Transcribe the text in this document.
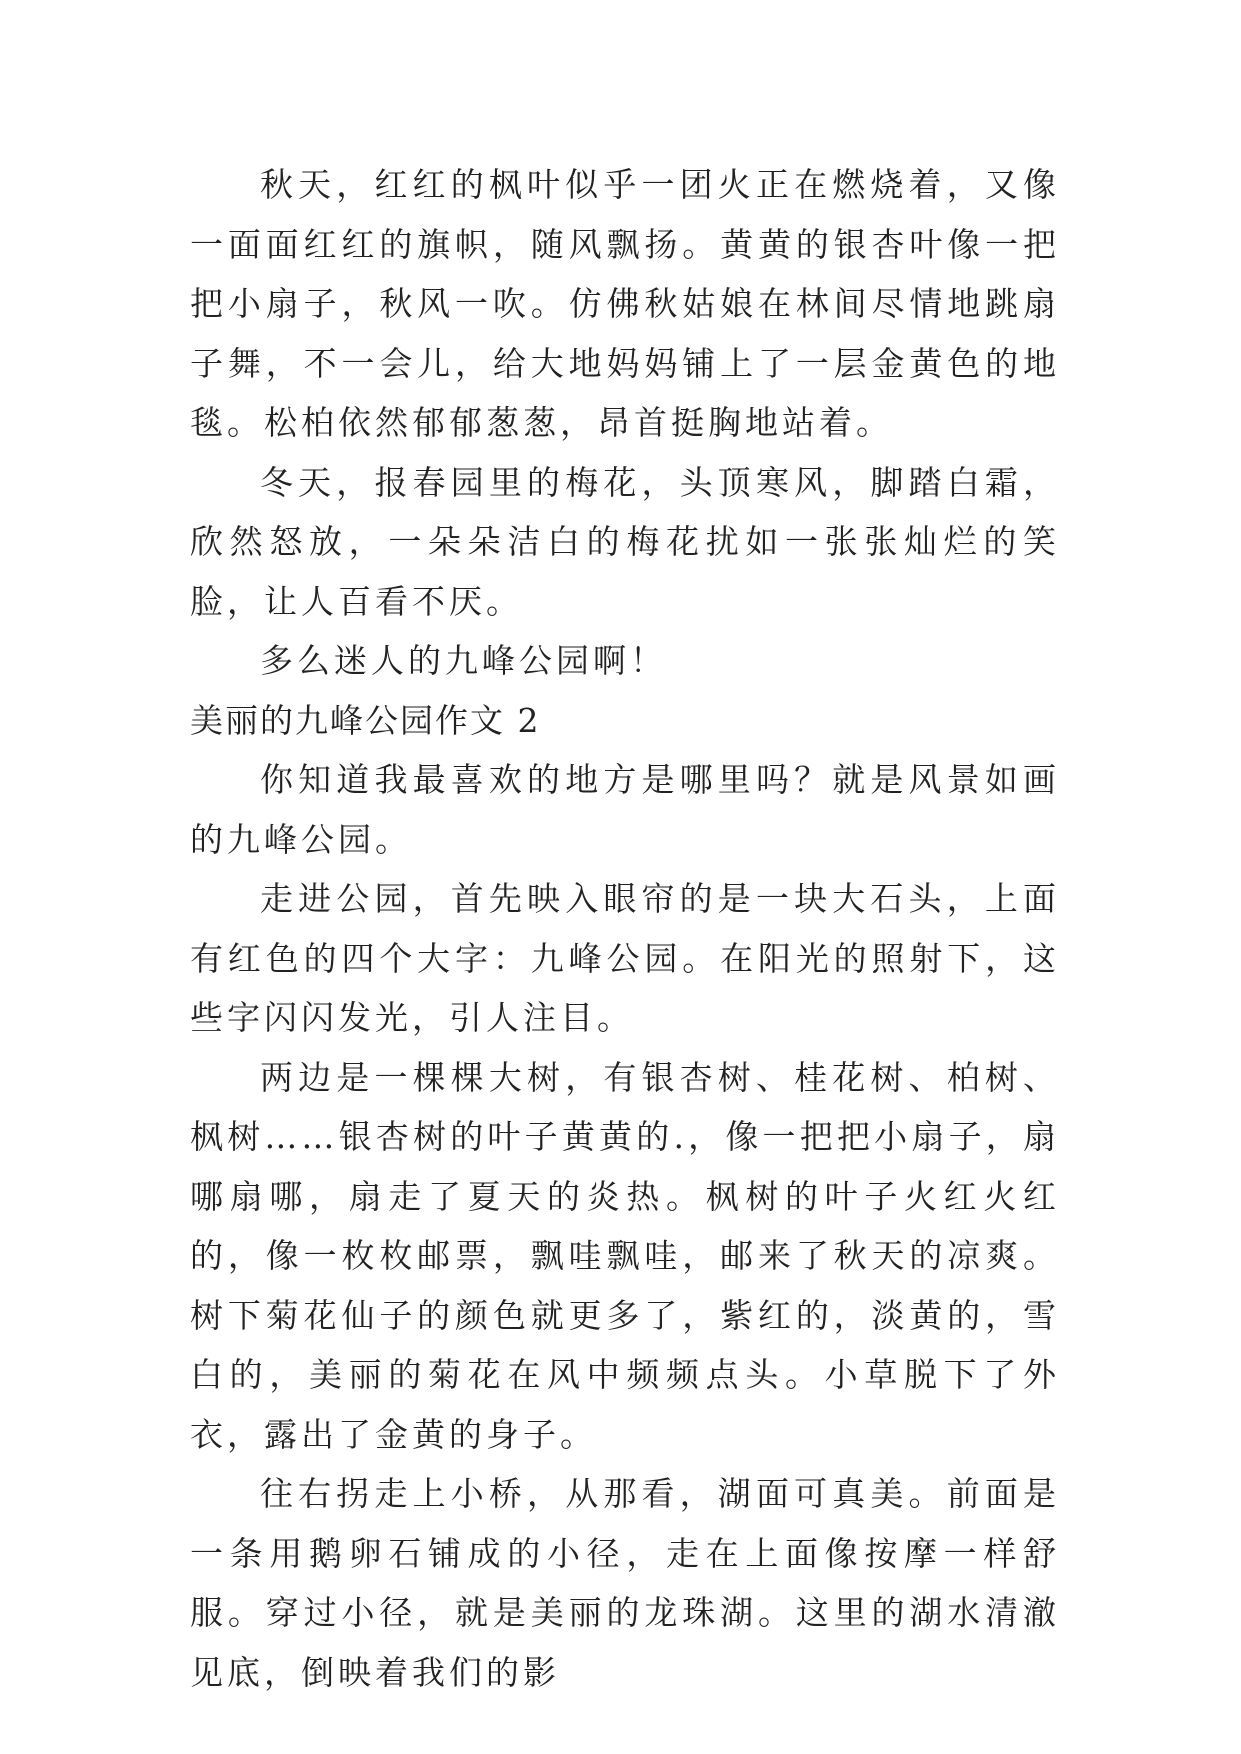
秋天，红红的枫叶似乎一团火正在燃烧着，又像一面面红红的旗帜，随风飘扬。黄黄的银杏叶像一把把小扇子，秋风一吹。仿佛秋姑娘在林间尽情地跳扇子舞，不一会儿，给大地妈妈铺上了一层金黄色的地毯。松柏依然郁郁葱葱，昂首挺胸地站着。

冬天，报春园里的梅花，头顶寒风，脚踏白霜，欣然怒放，一朵朵洁白的梅花扰如一张张灿烂的笑脸，让人百看不厌。

多么迷人的九峰公园啊！

美丽的九峰公园作文 2

你知道我最喜欢的地方是哪里吗？就是风景如画的九峰公园。

走进公园，首先映入眼帘的是一块大石头，上面有红色的四个大字：九峰公园。在阳光的照射下，这些字闪闪发光，引人注目。

两边是一棵棵大树，有银杏树、桂花树、柏树、枫树……银杏树的叶子黄黄的.，像一把把小扇子，扇哪扇哪，扇走了夏天的炎热。枫树的叶子火红火红的，像一枚枚邮票，飘哇飘哇，邮来了秋天的凉爽。树下菊花仙子的颜色就更多了，紫红的，淡黄的，雪白的，美丽的菊花在风中频频点头。小草脱下了外衣，露出了金黄的身子。

往右拐走上小桥，从那看，湖面可真美。前面是一条用鹅卵石铺成的小径，走在上面像按摩一样舒服。穿过小径，就是美丽的龙珠湖。这里的湖水清澈见底，倒映着我们的影
